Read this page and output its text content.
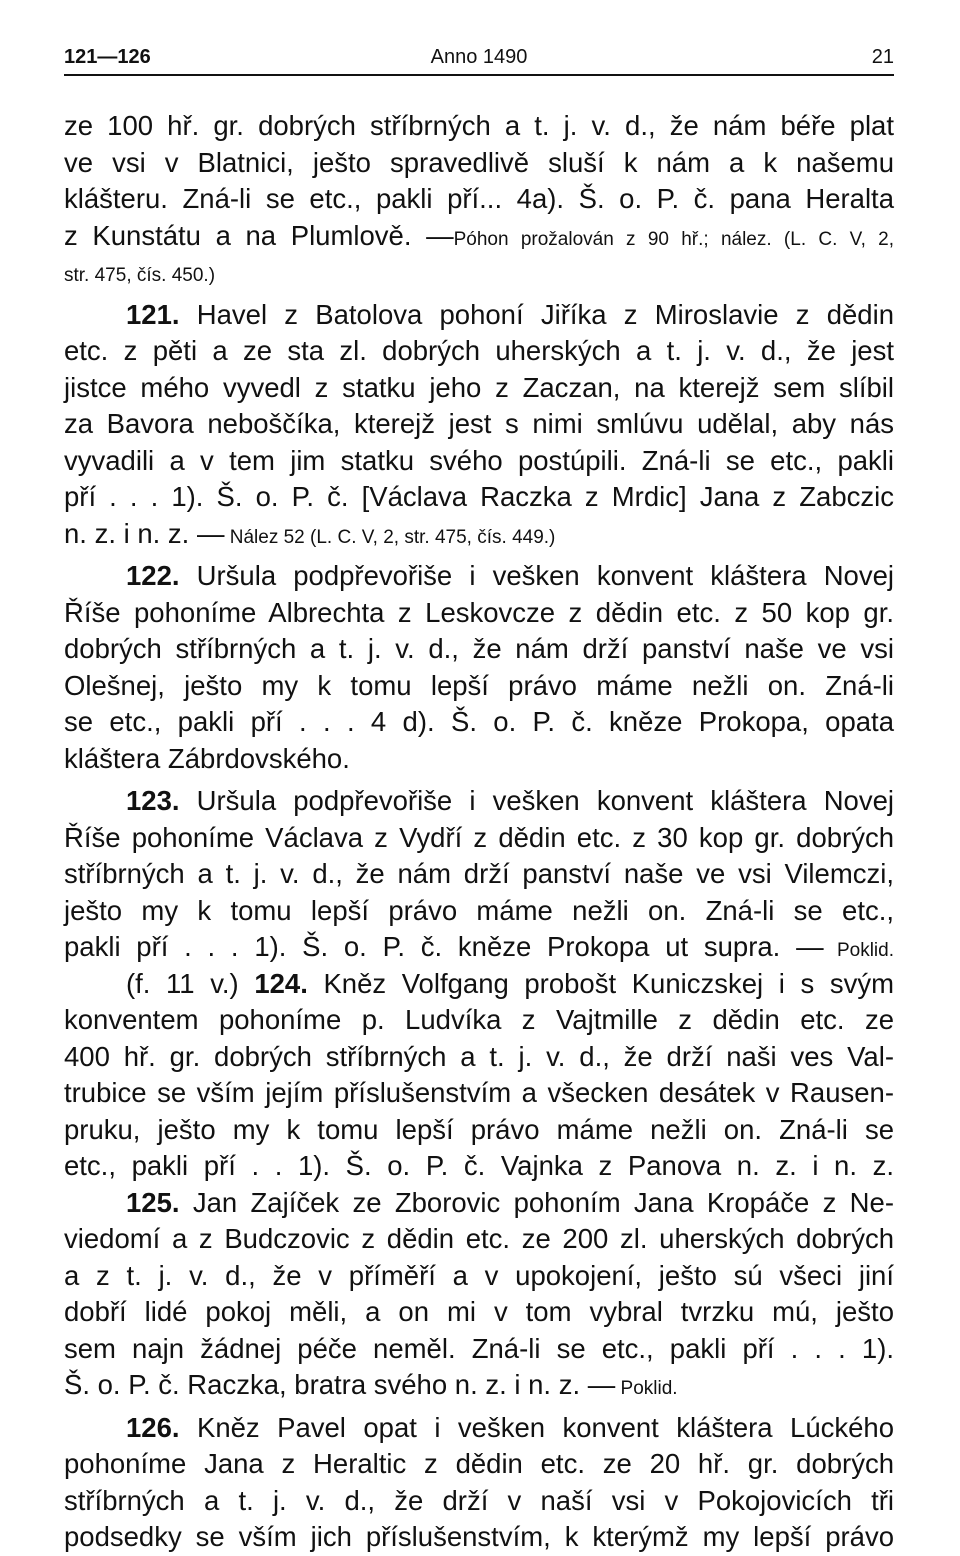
121—126	Anno 1490	21
ze 100 hř. gr. dobrých stříbrných a t. j. v. d., že nám béře plat
ve vsi v Blatnici, ješto spravedlivě sluší k nám a k našemu
klášteru. Zná-li se etc., pakli pří... 4a). Š. o. P. č. pana Heralta
z Kunstátu a na Plumlově. —Póhon prožalován z 90 hř.; nález. (L. C. V, 2,
str. 475, čís. 450.)
121. Havel z Batolova pohoní Jiříka z Miroslavie z dědin
etc. z pěti a ze sta zl. dobrých uherských a t. j. v. d., že jest
jistce mého vyvedl z statku jeho z Zaczan, na kterejž sem slíbil
za Bavora neboščíka, kterejž jest s nimi smlúvu udělal, aby nás
vyvadili a v tem jim statku svého postúpili. Zná-li se etc., pakli
pří . . . 1). Š. o. P. č. [Václava Raczka z Mrdic] Jana z Zabczic
n. z. i n. z. — Nález 52 (L. C. V, 2, str. 475, čís. 449.)
122. Uršula podpřevořiše i vešken konvent kláštera Novej
Říše pohoníme Albrechta z Leskovcze z dědin etc. z 50 kop gr.
dobrých stříbrných a t. j. v. d., že nám drží panství naše ve vsi
Olešnej, ješto my k tomu lepší právo máme nežli on. Zná-li
se etc., pakli pří . . . 4 d). Š. o. P. č. kněze Prokopa, opata
kláštera Zábrdovského.
123. Uršula podpřevořiše i vešken konvent kláštera Novej
Říše pohoníme Václava z Vydří z dědin etc. z 30 kop gr. dobrých
stříbrných a t. j. v. d., že nám drží panství naše ve vsi Vilemczi,
ješto my k tomu lepší právo máme nežli on. Zná-li se etc.,
pakli pří . . . 1). Š. o. P. č. kněze Prokopa ut supra. — Poklid.
(f. 11 v.) 124. Kněz Volfgang probošt Kuniczskej i s svým
konventem pohoníme p. Ludvíka z Vajtmille z dědin etc. ze
400 hř. gr. dobrých stříbrných a t. j. v. d., že drží naši ves Val-
trubice se vším jejím příslušenstvím a všecken desátek v Rausen-
pruku, ješto my k tomu lepší právo máme nežli on. Zná-li se
etc., pakli pří . . 1). Š. o. P. č. Vajnka z Panova n. z. i n. z.
125. Jan Zajíček ze Zborovic pohoním Jana Kropáče z Ne-
viedomí a z Budczovic z dědin etc. ze 200 zl. uherských dobrých
a z t. j. v. d., že v příměří a v upokojení, ješto sú všeci jiní
dobří lidé pokoj měli, a on mi v tom vybral tvrzku mú, ješto
sem najn žádnej péče neměl. Zná-li se etc., pakli pří . . . 1).
Š. o. P. č. Raczka, bratra svého n. z. i n. z. — Poklid.
126. Kněz Pavel opat i vešken konvent kláštera Lúckého
pohoníme Jana z Heraltic z dědin etc. ze 20 hř. gr. dobrých
stříbrných a t. j. v. d., že drží v naší vsi v Pokojovicích tři
podsedky se vším jich příslušenstvím, k kterýmž my lepší právo
